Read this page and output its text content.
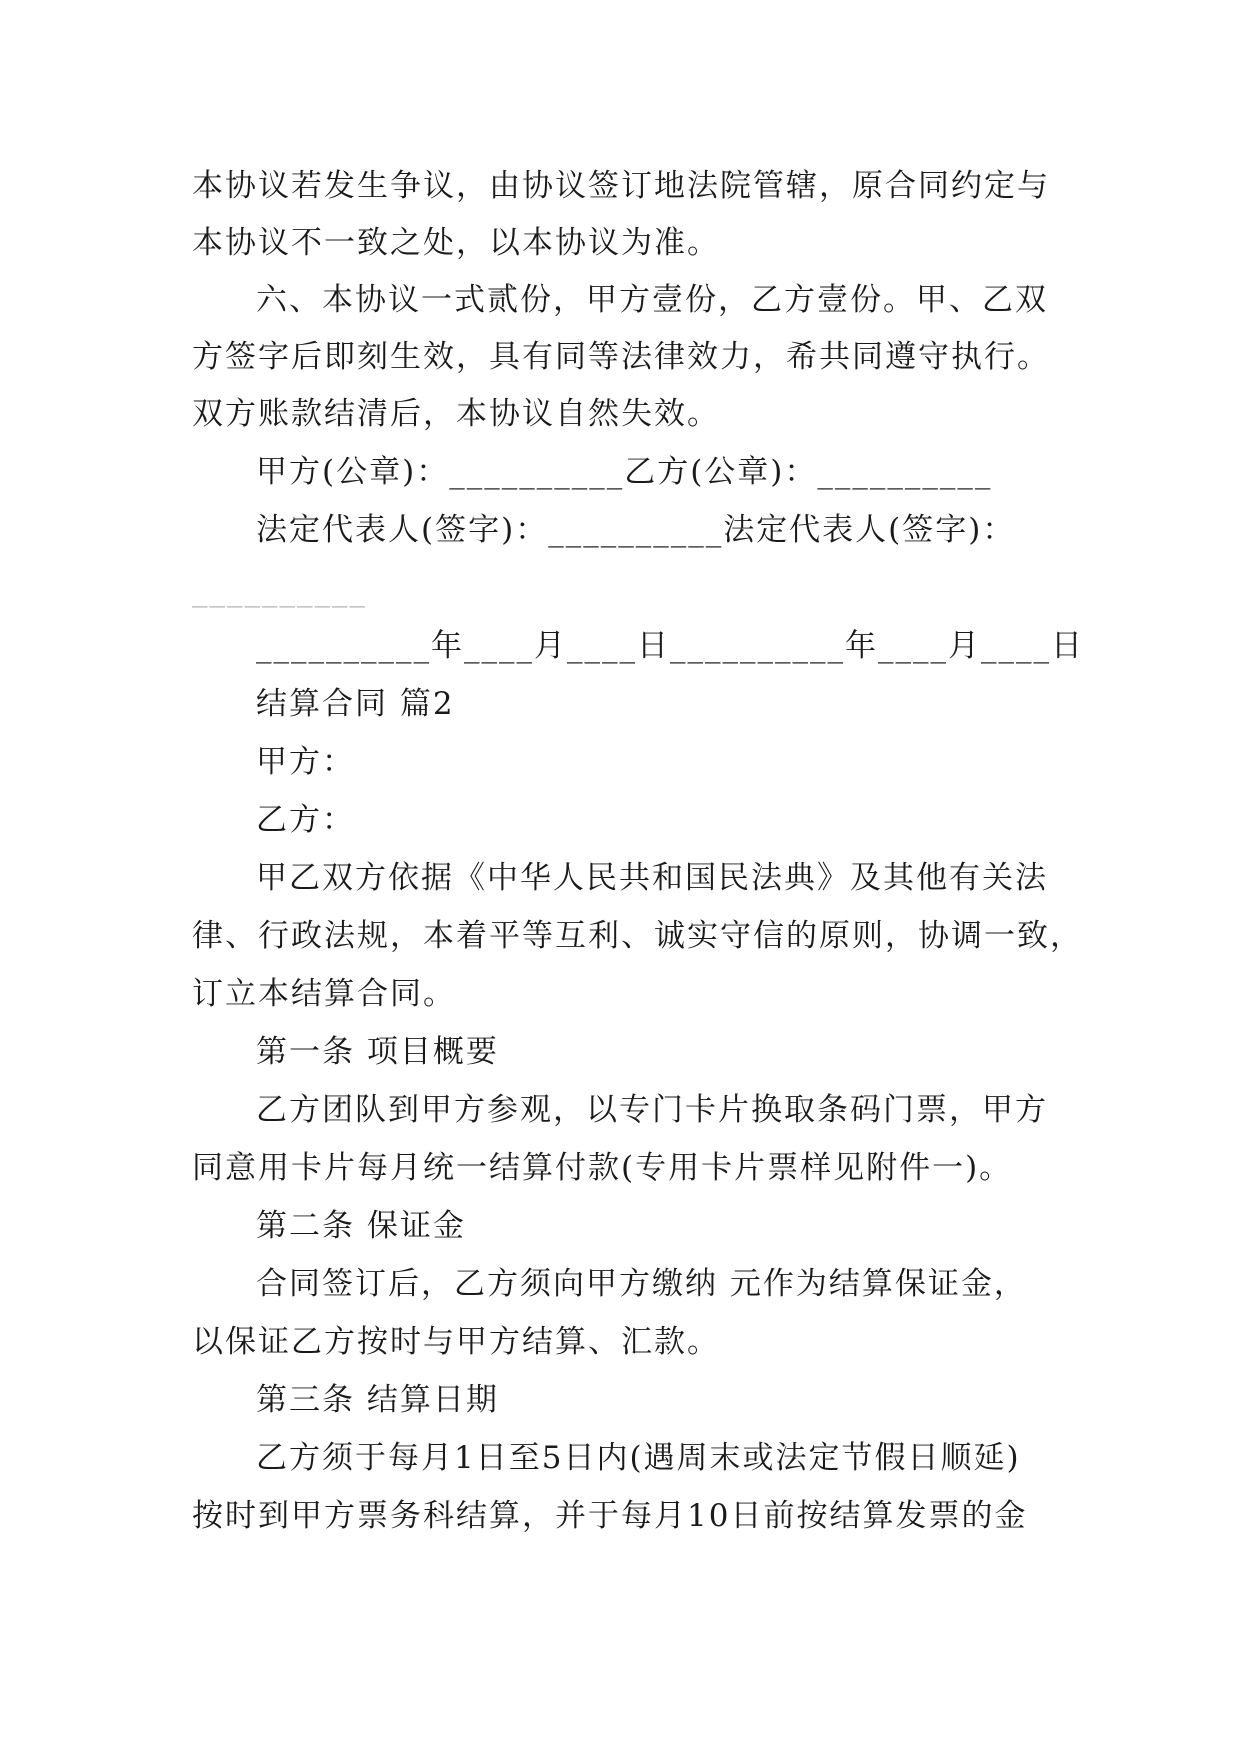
本协议若发生争议，由协议签订地法院管辖，原合同约定与
本协议不一致之处，以本协议为准。
六、本协议一式贰份，甲方壹份，乙方壹份。甲、乙双
方签字后即刻生效，具有同等法律效力，希共同遵守执行。
双方账款结清后，本协议自然失效。
甲方(公章)：__________乙方(公章)：__________
法定代表人(签字)：__________法定代表人(签字)：
__________
__________年____月____日__________年____月____日
结算合同 篇2
甲方：
乙方：
甲乙双方依据《中华人民共和国民法典》及其他有关法
律、行政法规，本着平等互利、诚实守信的原则，协调一致，
订立本结算合同。
第一条 项目概要
乙方团队到甲方参观，以专门卡片换取条码门票，甲方
同意用卡片每月统一结算付款(专用卡片票样见附件一)。
第二条 保证金
合同签订后，乙方须向甲方缴纳 元作为结算保证金，
以保证乙方按时与甲方结算、汇款。
第三条 结算日期
乙方须于每月1日至5日内(遇周末或法定节假日顺延)
按时到甲方票务科结算，并于每月10日前按结算发票的金
